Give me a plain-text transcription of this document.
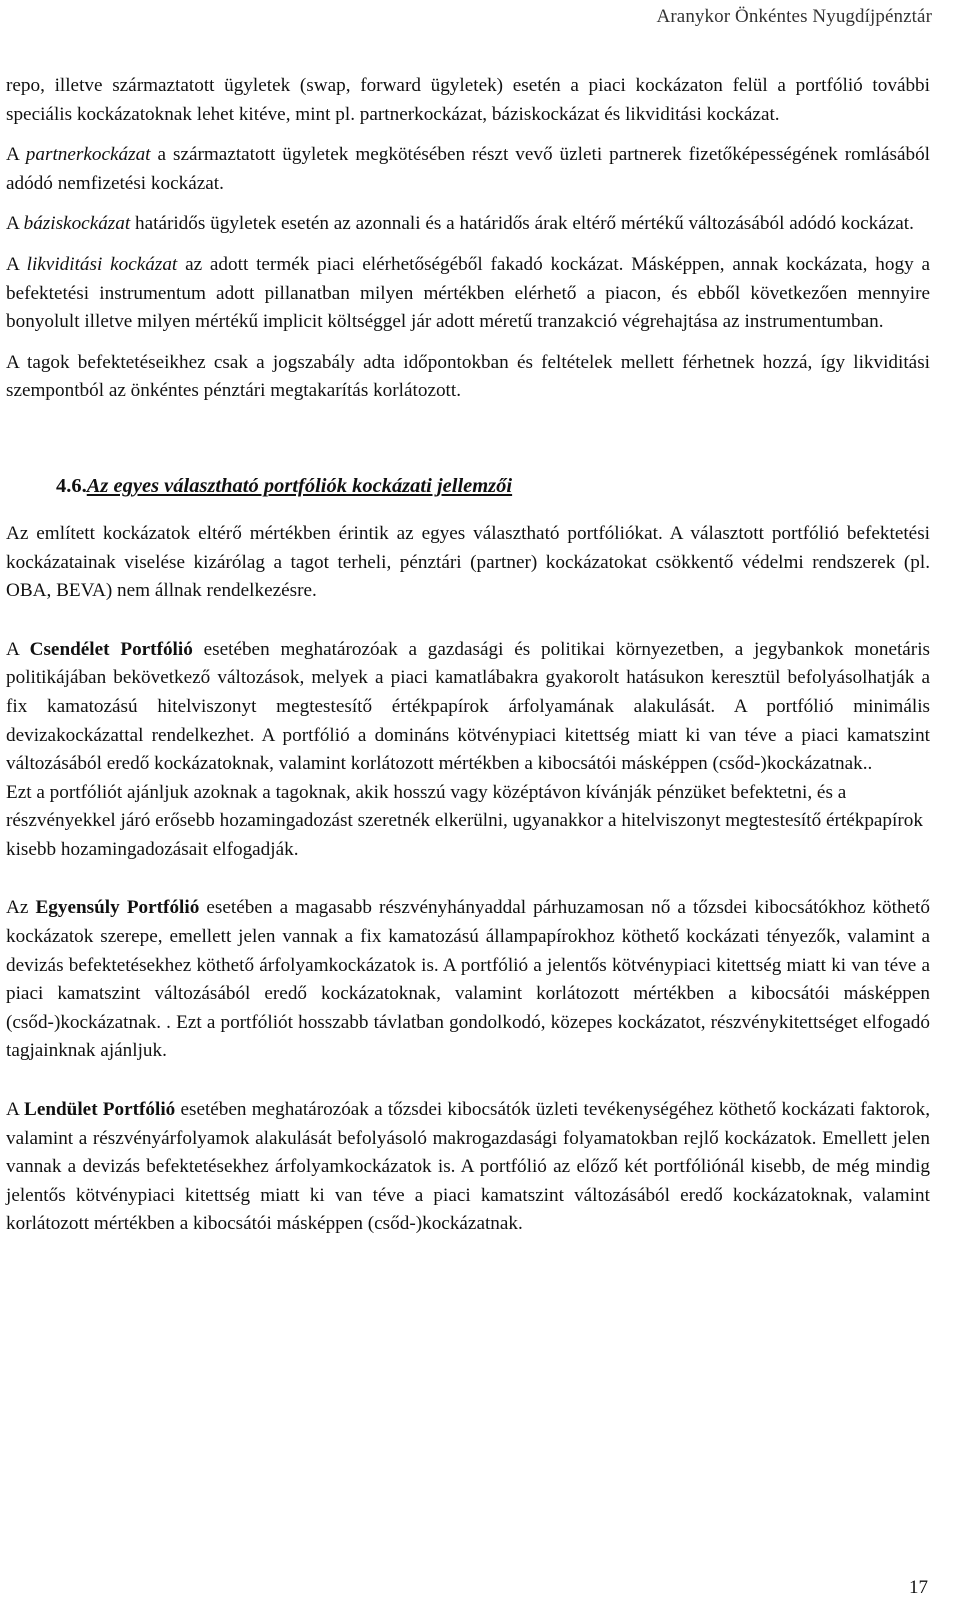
Aranykor Önkéntes Nyugdíjpénztár

repo, illetve származtatott ügyletek (swap, forward ügyletek) esetén a piaci kockázaton felül a portfólió további speciális kockázatoknak lehet kitéve, mint pl. partnerkockázat, báziskockázat és likviditási kockázat.

A partnerkockázat a származtatott ügyletek megkötésében részt vevő üzleti partnerek fizetőképességének romlásából adódó nemfizetési kockázat.

A báziskockázat határidős ügyletek esetén az azonnali és a határidős árak eltérő mértékű változásából adódó kockázat.

A likviditási kockázat az adott termék piaci elérhetőségéből fakadó kockázat. Másképpen, annak kockázata, hogy a befektetési instrumentum adott pillanatban milyen mértékben elérhető a piacon, és ebből következően mennyire bonyolult illetve milyen mértékű implicit költséggel jár adott méretű tranzakció végrehajtása az instrumentumban.

A tagok befektetéseikhez csak a jogszabály adta időpontokban és feltételek mellett férhetnek hozzá, így likviditási szempontból az önkéntes pénztári megtakarítás korlátozott.

4.6.Az egyes választható portfóliók kockázati jellemzői

Az említett kockázatok eltérő mértékben érintik az egyes választható portfóliókat. A választott portfólió befektetési kockázatainak viselése kizárólag a tagot terheli, pénztári (partner) kockázatokat csökkentő védelmi rendszerek (pl. OBA, BEVA) nem állnak rendelkezésre.

A Csendélet Portfólió esetében meghatározóak a gazdasági és politikai környezetben, a jegybankok monetáris politikájában bekövetkező változások, melyek a piaci kamatlábakra gyakorolt hatásukon keresztül befolyásolhatják a fix kamatozású hitelviszonyt megtestesítő értékpapírok árfolyamának alakulását. A portfólió minimális devizakockázattal rendelkezhet. A portfólió a domináns kötvénypiaci kitettség miatt ki van téve a piaci kamatszint változásából eredő kockázatoknak, valamint korlátozott mértékben a kibocsátói másképpen (csőd-)kockázatnak..

Ezt a portfóliót ajánljuk azoknak a tagoknak, akik hosszú vagy középtávon kívánják pénzüket befektetni, és a részvényekkel járó erősebb hozamingadozást szeretnék elkerülni, ugyanakkor a hitelviszonyt megtestesítő értékpapírok kisebb hozamingadozásait elfogadják.

Az Egyensúly Portfólió esetében a magasabb részvényhányaddal párhuzamosan nő a tőzsdei kibocsátókhoz köthető kockázatok szerepe, emellett jelen vannak a fix kamatozású állampapírokhoz köthető kockázati tényezők, valamint a devizás befektetésekhez köthető árfolyamkockázatok is. A portfólió a jelentős kötvénypiaci kitettség miatt ki van téve a piaci kamatszint változásából eredő kockázatoknak, valamint korlátozott mértékben a kibocsátói másképpen (csőd-)kockázatnak. . Ezt a portfóliót hosszabb távlatban gondolkodó, közepes kockázatot, részvénykitettséget elfogadó tagjainknak ajánljuk.

A Lendület Portfólió esetében meghatározóak a tőzsdei kibocsátók üzleti tevékenységéhez köthető kockázati faktorok, valamint a részvényárfolyamok alakulását befolyásoló makrogazdasági folyamatokban rejlő kockázatok. Emellett jelen vannak a devizás befektetésekhez árfolyamkockázatok is. A portfólió az előző két portfóliónál kisebb, de még mindig jelentős kötvénypiaci kitettség miatt ki van téve a piaci kamatszint változásából eredő kockázatoknak, valamint korlátozott mértékben a kibocsátói másképpen (csőd-)kockázatnak.

17
